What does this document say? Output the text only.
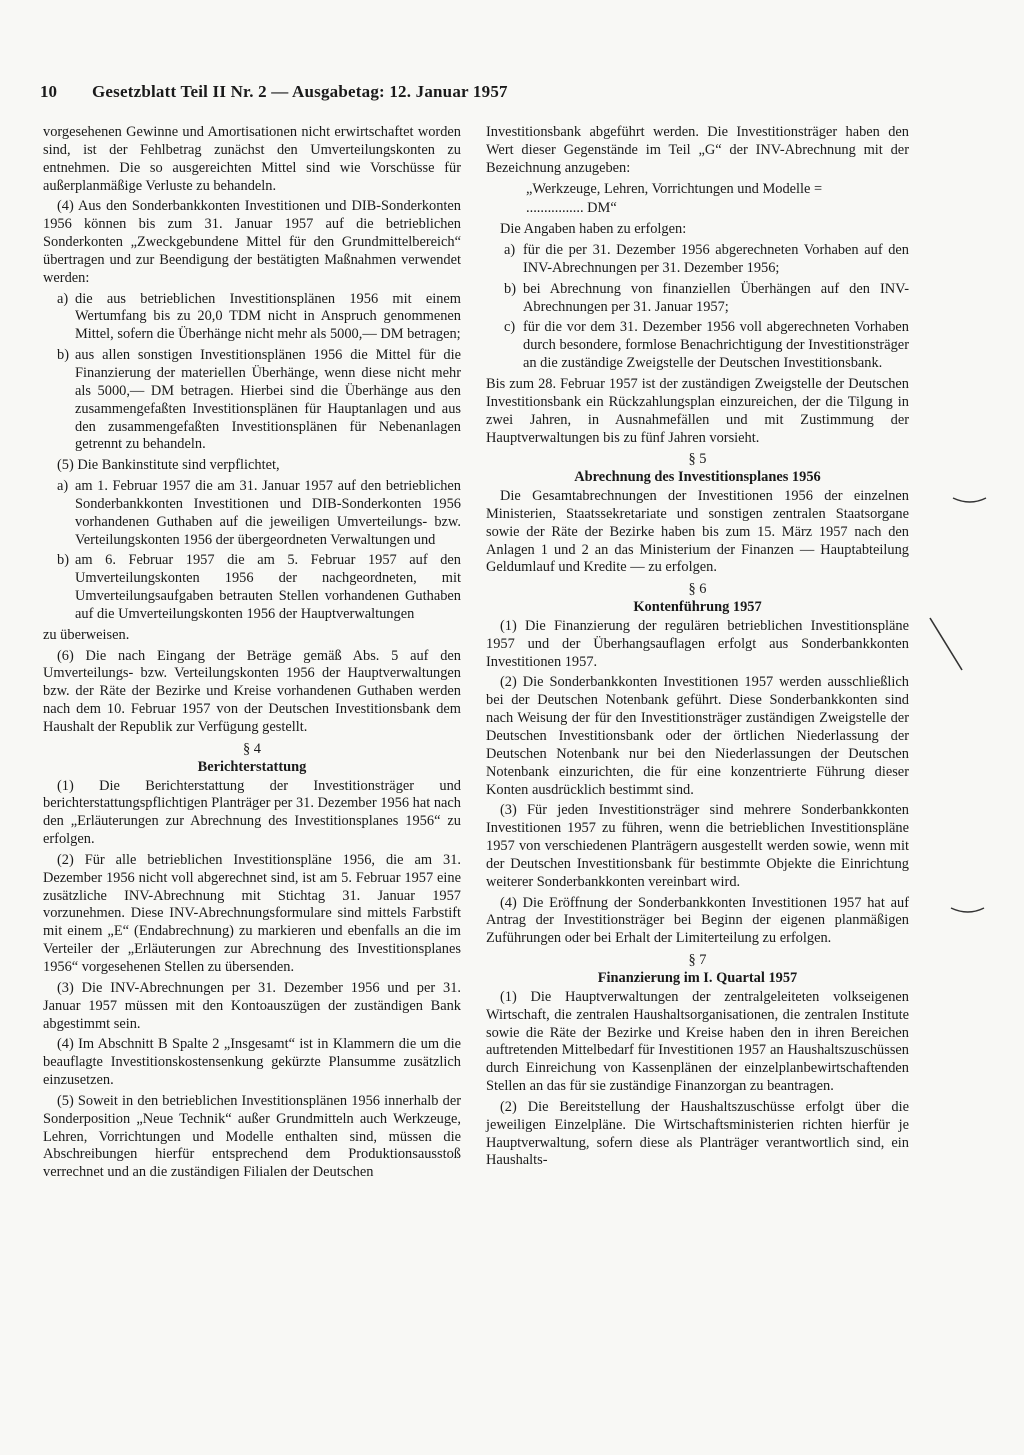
10 Gesetzblatt Teil II Nr. 2 — Ausgabetag: 12. Januar 1957

vorgesehenen Gewinne und Amortisationen nicht erwirtschaftet worden sind, ist der Fehlbetrag zunächst den Umverteilungskonten zu entnehmen. Die so ausgereichten Mittel sind wie Vorschüsse für außerplanmäßige Verluste zu behandeln.

(4) Aus den Sonderbankkonten Investitionen und DIB-Sonderkonten 1956 können bis zum 31. Januar 1957 auf die betrieblichen Sonderkonten „Zweckgebundene Mittel für den Grundmittelbereich“ übertragen und zur Beendigung der bestätigten Maßnahmen verwendet werden:

a) die aus betrieblichen Investitionsplänen 1956 mit einem Wertumfang bis zu 20,0 TDM nicht in Anspruch genommenen Mittel, sofern die Überhänge nicht mehr als 5000,— DM betragen;
b) aus allen sonstigen Investitionsplänen 1956 die Mittel für die Finanzierung der materiellen Überhänge, wenn diese nicht mehr als 5000,— DM betragen. Hierbei sind die Überhänge aus den zusammengefaßten Investitionsplänen für Hauptanlagen und aus den zusammengefaßten Investitionsplänen für Nebenanlagen getrennt zu behandeln.

(5) Die Bankinstitute sind verpflichtet,

a) am 1. Februar 1957 die am 31. Januar 1957 auf den betrieblichen Sonderbankkonten Investitionen und DIB-Sonderkonten 1956 vorhandenen Guthaben auf die jeweiligen Umverteilungs- bzw. Verteilungskonten 1956 der übergeordneten Verwaltungen und
b) am 6. Februar 1957 die am 5. Februar 1957 auf den Umverteilungskonten 1956 der nachgeordneten, mit Umverteilungsaufgaben betrauten Stellen vorhandenen Guthaben auf die Umverteilungskonten 1956 der Hauptverwaltungen

zu überweisen.

(6) Die nach Eingang der Beträge gemäß Abs. 5 auf den Umverteilungs- bzw. Verteilungskonten 1956 der Hauptverwaltungen bzw. der Räte der Bezirke und Kreise vorhandenen Guthaben werden nach dem 10. Februar 1957 von der Deutschen Investitionsbank dem Haushalt der Republik zur Verfügung gestellt.

§ 4
Berichterstattung

(1) Die Berichterstattung der Investitionsträger und berichterstattungspflichtigen Planträger per 31. Dezember 1956 hat nach den „Erläuterungen zur Abrechnung des Investitionsplanes 1956“ zu erfolgen.

(2) Für alle betrieblichen Investitionspläne 1956, die am 31. Dezember 1956 nicht voll abgerechnet sind, ist am 5. Februar 1957 eine zusätzliche INV-Abrechnung mit Stichtag 31. Januar 1957 vorzunehmen. Diese INV-Abrechnungsformulare sind mittels Farbstift mit einem „E“ (Endabrechnung) zu markieren und ebenfalls an die im Verteiler der „Erläuterungen zur Abrechnung des Investitionsplanes 1956“ vorgesehenen Stellen zu übersenden.

(3) Die INV-Abrechnungen per 31. Dezember 1956 und per 31. Januar 1957 müssen mit den Kontoauszügen der zuständigen Bank abgestimmt sein.

(4) Im Abschnitt B Spalte 2 „Insgesamt“ ist in Klammern die um die beauflagte Investitionskostensenkung gekürzte Plansumme zusätzlich einzusetzen.

(5) Soweit in den betrieblichen Investitionsplänen 1956 innerhalb der Sonderposition „Neue Technik“ außer Grundmitteln auch Werkzeuge, Lehren, Vorrichtungen und Modelle enthalten sind, müssen die Abschreibungen hierfür entsprechend dem Produktionsausstoß verrechnet und an die zuständigen Filialen der Deutschen

Investitionsbank abgeführt werden. Die Investitionsträger haben den Wert dieser Gegenstände im Teil „G“ der INV-Abrechnung mit der Bezeichnung anzugeben:

„Werkzeuge, Lehren, Vorrichtungen und Modelle =

................ DM“

Die Angaben haben zu erfolgen:

a) für die per 31. Dezember 1956 abgerechneten Vorhaben auf den INV-Abrechnungen per 31. Dezember 1956;
b) bei Abrechnung von finanziellen Überhängen auf den INV-Abrechnungen per 31. Januar 1957;
c) für die vor dem 31. Dezember 1956 voll abgerechneten Vorhaben durch besondere, formlose Benachrichtigung der Investitionsträger an die zuständige Zweigstelle der Deutschen Investitionsbank.

Bis zum 28. Februar 1957 ist der zuständigen Zweigstelle der Deutschen Investitionsbank ein Rückzahlungsplan einzureichen, der die Tilgung in zwei Jahren, in Ausnahmefällen und mit Zustimmung der Hauptverwaltungen bis zu fünf Jahren vorsieht.

§ 5
Abrechnung des Investitionsplanes 1956

Die Gesamtabrechnungen der Investitionen 1956 der einzelnen Ministerien, Staatssekretariate und sonstigen zentralen Staatsorgane sowie der Räte der Bezirke haben bis zum 15. März 1957 nach den Anlagen 1 und 2 an das Ministerium der Finanzen — Hauptabteilung Geldumlauf und Kredite — zu erfolgen.

§ 6
Kontenführung 1957

(1) Die Finanzierung der regulären betrieblichen Investitionspläne 1957 und der Überhangsauflagen erfolgt aus Sonderbankkonten Investitionen 1957.

(2) Die Sonderbankkonten Investitionen 1957 werden ausschließlich bei der Deutschen Notenbank geführt. Diese Sonderbankkonten sind nach Weisung der für den Investitionsträger zuständigen Zweigstelle der Deutschen Investitionsbank oder der örtlichen Niederlassung der Deutschen Notenbank nur bei den Niederlassungen der Deutschen Notenbank einzurichten, die für eine konzentrierte Führung dieser Konten ausdrücklich bestimmt sind.

(3) Für jeden Investitionsträger sind mehrere Sonderbankkonten Investitionen 1957 zu führen, wenn die betrieblichen Investitionspläne 1957 von verschiedenen Planträgern ausgestellt werden sowie, wenn mit der Deutschen Investitionsbank für bestimmte Objekte die Einrichtung weiterer Sonderbankkonten vereinbart wird.

(4) Die Eröffnung der Sonderbankkonten Investitionen 1957 hat auf Antrag der Investitionsträger bei Beginn der eigenen planmäßigen Zuführungen oder bei Erhalt der Limiterteilung zu erfolgen.

§ 7
Finanzierung im I. Quartal 1957

(1) Die Hauptverwaltungen der zentralgeleiteten volkseigenen Wirtschaft, die zentralen Haushaltsorganisationen, die zentralen Institute sowie die Räte der Bezirke und Kreise haben den in ihren Bereichen auftretenden Mittelbedarf für Investitionen 1957 an Haushaltszuschüssen durch Einreichung von Kassenplänen der einzelplanbewirtschaftenden Stellen an das für sie zuständige Finanzorgan zu beantragen.

(2) Die Bereitstellung der Haushaltszuschüsse erfolgt über die jeweiligen Einzelpläne. Die Wirtschaftsministerien richten hierfür je Hauptverwaltung, sofern diese als Planträger verantwortlich sind, ein Haushalts-
